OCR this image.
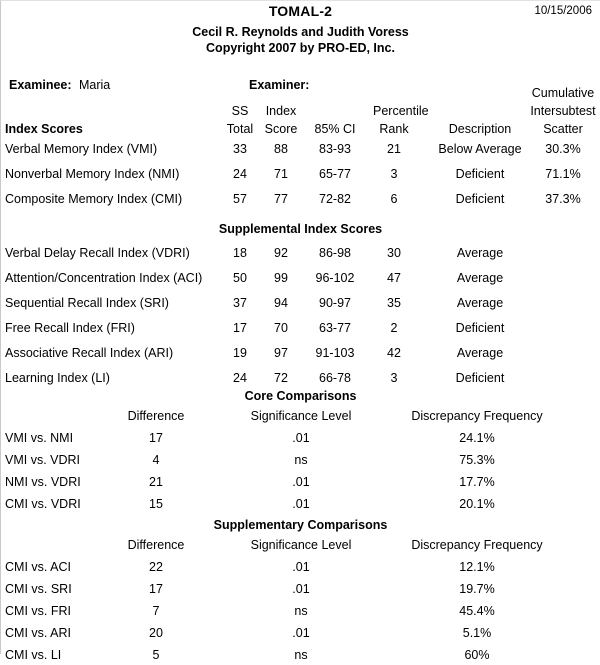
TOMAL-2	10/15/2006
Cecil R. Reynolds and Judith Voress
Copyright 2007 by PRO-ED, Inc.
Examinee: Maria	Examiner:
SS	Index	Percentile
Total Score	85% CI	Rank	Description
Cumulative
Intersubtest
Scatter
Index Scores
Verbal Memory Index (VMI)	33	88	83-93	21	Below Average	30.3%
Nonverbal Memory Index (NMI)	24	71	65-77	3	Deficient	71.1%
Composite Memory Index (CMI)	57	77	72-82	6	Deficient	37.3%
Supplemental Index Scores
Verbal Delay Recall Index (VDRI)	18	92	86-98	30	Average
Attention/Concentration Index (ACI)	50	99	96-102	47	Average
Sequential Recall Index (SRI)	37	94	90-97	35	Average
Free Recall Index (FRI)	17	70	63-77	2	Deficient
Associative Recall Index (ARI)	19	97	91-103	42	Average
Learning Index (LI)	24	72	66-78	3	Deficient
Core Comparisons
Difference	Significance Level	Discrepancy Frequency
VMI vs. NMI	17	.01	24.1%
VMI vs. VDRI	4	ns	75.3%
NMI vs. VDRI	21	.01	17.7%
CMI vs. VDRI	15	.01	20.1%
Supplementary Comparisons
Difference	Significance Level	Discrepancy Frequency
CMI vs. ACI	22	.01	12.1%
CMI vs. SRI	17	.01	19.7%
CMI vs. FRI	7	ns	45.4%
CMI vs. ARI	20	.01	5.1%
CMI vs. LI	5	ns	60%
